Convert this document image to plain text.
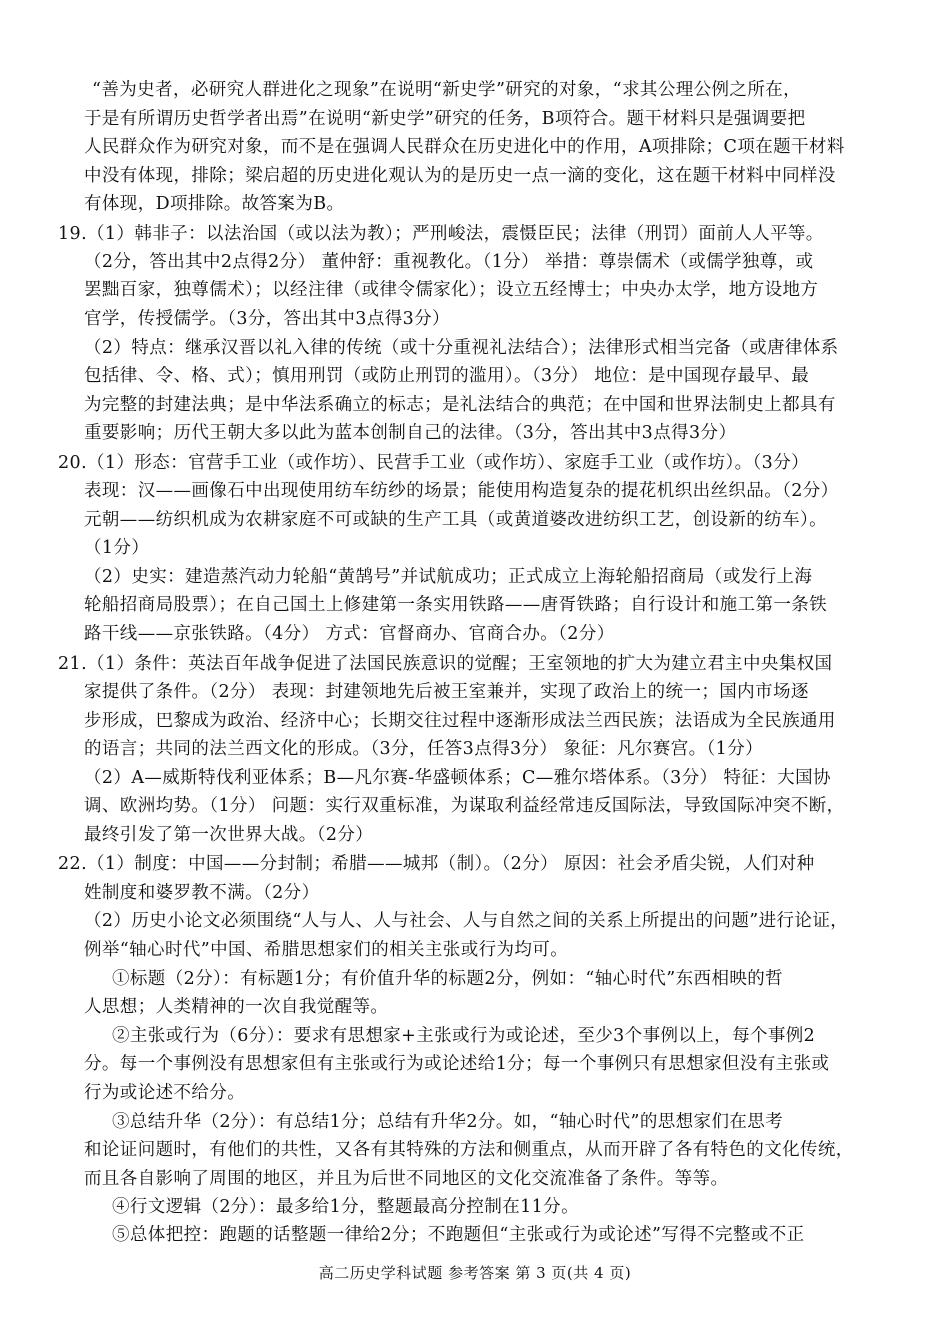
“善为史者，必研究人群进化之现象”在说明“新史学”研究的对象，“求其公理公例之所在，
于是有所谓历史哲学者出焉”在说明“新史学”研究的任务，B项符合。题干材料只是强调要把
人民群众作为研究对象，而不是在强调人民群众在历史进化中的作用，A项排除；C项在题干材料
中没有体现，排除；梁启超的历史进化观认为的是历史一点一滴的变化，这在题干材料中同样没
有体现，D项排除。故答案为B。
19.（1）韩非子：以法治国（或以法为教）；严刑峻法，震慑臣民；法律（刑罚）面前人人平等。
（2分，答出其中2点得2分） 董仲舒：重视教化。（1分） 举措：尊崇儒术（或儒学独尊，或
罢黜百家，独尊儒术）；以经注律（或律令儒家化）；设立五经博士；中央办太学，地方设地方
官学，传授儒学。（3分，答出其中3点得3分）
（2）特点：继承汉晋以礼入律的传统（或十分重视礼法结合）；法律形式相当完备（或唐律体系
包括律、令、格、式）；慎用刑罚（或防止刑罚的滥用）。（3分） 地位：是中国现存最早、最
为完整的封建法典；是中华法系确立的标志；是礼法结合的典范；在中国和世界法制史上都具有
重要影响；历代王朝大多以此为蓝本创制自己的法律。（3分，答出其中3点得3分）
20.（1）形态：官营手工业（或作坊）、民营手工业（或作坊）、家庭手工业（或作坊）。（3分）
表现：汉——画像石中出现使用纺车纺纱的场景；能使用构造复杂的提花机织出丝织品。（2分）
元朝——纺织机成为农耕家庭不可或缺的生产工具（或黄道婆改进纺织工艺，创设新的纺车）。
（1分）
（2）史实：建造蒸汽动力轮船“黄鹄号”并试航成功；正式成立上海轮船招商局（或发行上海
轮船招商局股票）；在自己国土上修建第一条实用铁路——唐胥铁路；自行设计和施工第一条铁
路干线——京张铁路。（4分） 方式：官督商办、官商合办。（2分）
21.（1）条件：英法百年战争促进了法国民族意识的觉醒；王室领地的扩大为建立君主中央集权国
家提供了条件。（2分） 表现：封建领地先后被王室兼并，实现了政治上的统一；国内市场逐
步形成，巴黎成为政治、经济中心；长期交往过程中逐渐形成法兰西民族；法语成为全民族通用
的语言；共同的法兰西文化的形成。（3分，任答3点得3分） 象征：凡尔赛宫。（1分）
（2）A—威斯特伐利亚体系；B—凡尔赛-华盛顿体系；C—雅尔塔体系。（3分） 特征：大国协
调、欧洲均势。（1分） 问题：实行双重标准，为谋取利益经常违反国际法，导致国际冲突不断，
最终引发了第一次世界大战。（2分）
22.（1）制度：中国——分封制；希腊——城邦（制）。（2分） 原因：社会矛盾尖锐，人们对种
姓制度和婆罗教不满。（2分）
（2）历史小论文必须围绕“人与人、人与社会、人与自然之间的关系上所提出的问题”进行论证，
例举“轴心时代”中国、希腊思想家们的相关主张或行为均可。
①标题（2分）：有标题1分；有价值升华的标题2分，例如：“轴心时代”东西相映的哲
人思想；人类精神的一次自我觉醒等。
②主张或行为（6分）：要求有思想家+主张或行为或论述，至少3个事例以上，每个事例2
分。每一个事例没有思想家但有主张或行为或论述给1分；每一个事例只有思想家但没有主张或
行为或论述不给分。
③总结升华（2分）：有总结1分；总结有升华2分。如，“轴心时代”的思想家们在思考
和论证问题时，有他们的共性，又各有其特殊的方法和侧重点，从而开辟了各有特色的文化传统，
而且各自影响了周围的地区，并且为后世不同地区的文化交流准备了条件。等等。
④行文逻辑（2分）：最多给1分，整题最高分控制在11分。
⑤总体把控：跑题的话整题一律给2分；不跑题但“主张或行为或论述”写得不完整或不正
高二历史学科试题 参考答案 第 3 页(共 4 页)
